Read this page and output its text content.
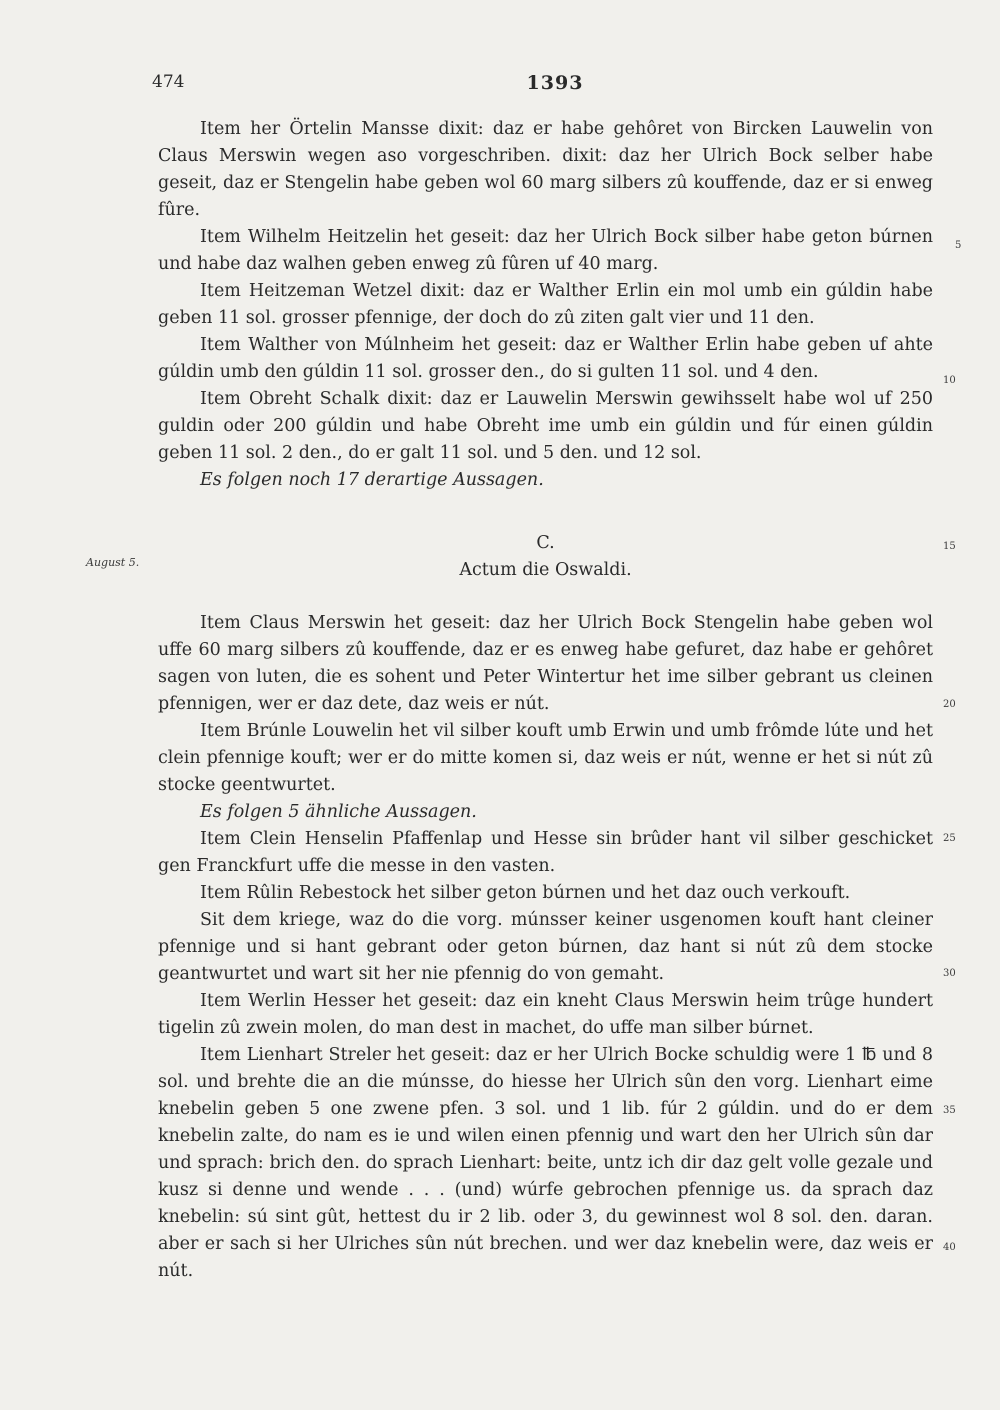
474	1393

Item her Örtelin Mansse dixit: daz er habe gehôret von Bircken Lauwelin von Claus Merswin wegen aso vorgeschriben. dixit: daz her Ulrich Bock selber habe geseit, daz er Stengelin habe geben wol 60 marg silbers zû kouffende, daz er si enweg fûre.

Item Wilhelm Heitzelin het geseit: daz her Ulrich Bock silber habe geton búrnen und habe daz walhen geben enweg zû fûren uf 40 marg.

Item Heitzeman Wetzel dixit: daz er Walther Erlin ein mol umb ein gúldin habe geben 11 sol. grosser pfennige, der doch do zû ziten galt vier und 11 den.

Item Walther von Múlnheim het geseit: daz er Walther Erlin habe geben uf ahte gúldin umb den gúldin 11 sol. grosser den., do si gulten 11 sol. und 4 den.

Item Obreht Schalk dixit: daz er Lauwelin Merswin gewihsselt habe wol uf 250 guldin oder 200 gúldin und habe Obreht ime umb ein gúldin und fúr einen gúldin geben 11 sol. 2 den., do er galt 11 sol. und 5 den. und 12 sol.

Es folgen noch 17 derartige Aussagen.

C.

Actum die Oswaldi.

August 5.

Item Claus Merswin het geseit: daz her Ulrich Bock Stengelin habe geben wol uffe 60 marg silbers zû kouffende, daz er es enweg habe gefuret, daz habe er gehôret sagen von luten, die es sohent und Peter Wintertur het ime silber gebrant us cleinen pfennigen, wer er daz dete, daz weis er nút.

Item Brúnle Louwelin het vil silber kouft umb Erwin und umb frômde lúte und het clein pfennige kouft; wer er do mitte komen si, daz weis er nút, wenne er het si nút zû stocke geentwurtet.

Es folgen 5 ähnliche Aussagen.

Item Clein Henselin Pfaffenlap und Hesse sin brûder hant vil silber geschicket gen Franckfurt uffe die messe in den vasten.

Item Rûlin Rebestock het silber geton búrnen und het daz ouch verkouft.

Sit dem kriege, waz do die vorg. múnsser keiner usgenomen kouft hant cleiner pfennige und si hant gebrant oder geton búrnen, daz hant si nút zû dem stocke geantwurtet und wart sit her nie pfennig do von gemaht.

Item Werlin Hesser het geseit: daz ein kneht Claus Merswin heim trûge hundert tigelin zû zwein molen, do man dest in machet, do uffe man silber búrnet.

Item Lienhart Streler het geseit: daz er her Ulrich Bocke schuldig were 1 ℔ und 8 sol. und brehte die an die múnsse, do hiesse her Ulrich sûn den vorg. Lienhart eime knebelin geben 5 one zwene pfen. 3 sol. und 1 lib. fúr 2 gúldin. und do er dem knebelin zalte, do nam es ie und wilen einen pfennig und wart den her Ulrich sûn dar und sprach: brich den. do sprach Lienhart: beite, untz ich dir daz gelt volle gezale und kusz si denne und wende . . . (und) wúrfe gebrochen pfennige us. da sprach daz knebelin: sú sint gût, hettest du ir 2 lib. oder 3, du gewinnest wol 8 sol. den. daran. aber er sach si her Ulriches sûn nút brechen. und wer daz knebelin were, daz weis er nút.

5
10
15
20
25
30
35
40
